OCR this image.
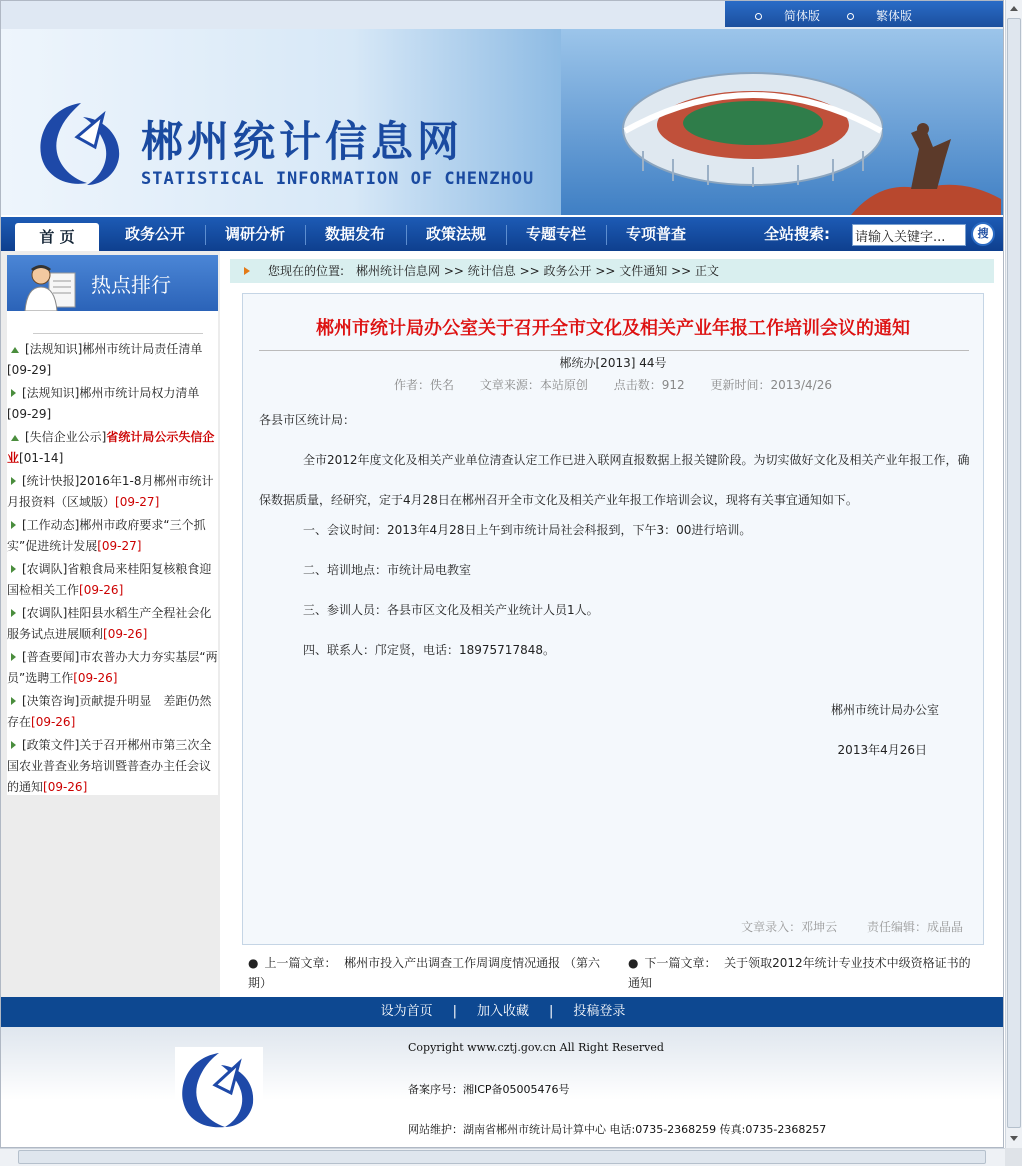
简体版	繁体版
郴州统计信息网
STATISTICAL INFORMATION OF CHENZHOU
首 页	政务公开	调研分析	数据发布	政策法规	专题专栏	专项普查	全站搜索:
请输入关键字...	搜
热点排行
[法规知识]郴州市统计局责任清单
[09-29]
[法规知识]郴州市统计局权力清单
[09-29]
[失信企业公示]省统计局公示失信企业[01-14]
[统计快报]2016年1-8月郴州市统计月报资料（区域版）[09-27]
[工作动态]郴州市政府要求“三个抓实”促进统计发展[09-27]
[农调队]省粮食局来桂阳复核粮食迎国检相关工作[09-26]
[农调队]桂阳县水稻生产全程社会化服务试点进展顺利[09-26]
[普查要闻]市农普办大力夯实基层“两员”选聘工作[09-26]
[决策咨询]贡献提升明显　差距仍然存在[09-26]
[政策文件]关于召开郴州市第三次全国农业普查业务培训暨普查办主任会议的通知[09-26]
您现在的位置:　郴州统计信息网 >> 统计信息 >> 政务公开 >> 文件通知 >> 正文
郴州市统计局办公室关于召开全市文化及相关产业年报工作培训会议的通知
郴统办[2013] 44号
作者：佚名 文章来源：本站原创 点击数：912 更新时间：2013/4/26

各县市区统计局：

全市2012年度文化及相关产业单位清查认定工作已进入联网直报数据上报关键阶段。为切实做好文化及相关产业年报工作，确保数据质量，经研究，定于4月28日在郴州召开全市文化及相关产业年报工作培训会议，现将有关事宜通知如下。

一、会议时间：2013年4月28日上午到市统计局社会科报到，下午3：00进行培训。

二、培训地点：市统计局电教室

三、参训人员：各县市区文化及相关产业统计人员1人。

四、联系人：邝定贤，电话：18975717848。

郴州市统计局办公室

2013年4月26日

文章录入：邓坤云 责任编辑：成晶晶
● 上一篇文章： 郴州市投入产出调查工作周调度情况通报 （第六期）
● 下一篇文章： 关于领取2012年统计专业技术中级资格证书的通知
设为首页 | 加入收藏 | 投稿登录
Copyright www.cztj.gov.cn All Right Reserved
备案序号：湘ICP备05005476号
网站维护：湖南省郴州市统计局计算中心 电话:0735-2368259 传真:0735-2368257
